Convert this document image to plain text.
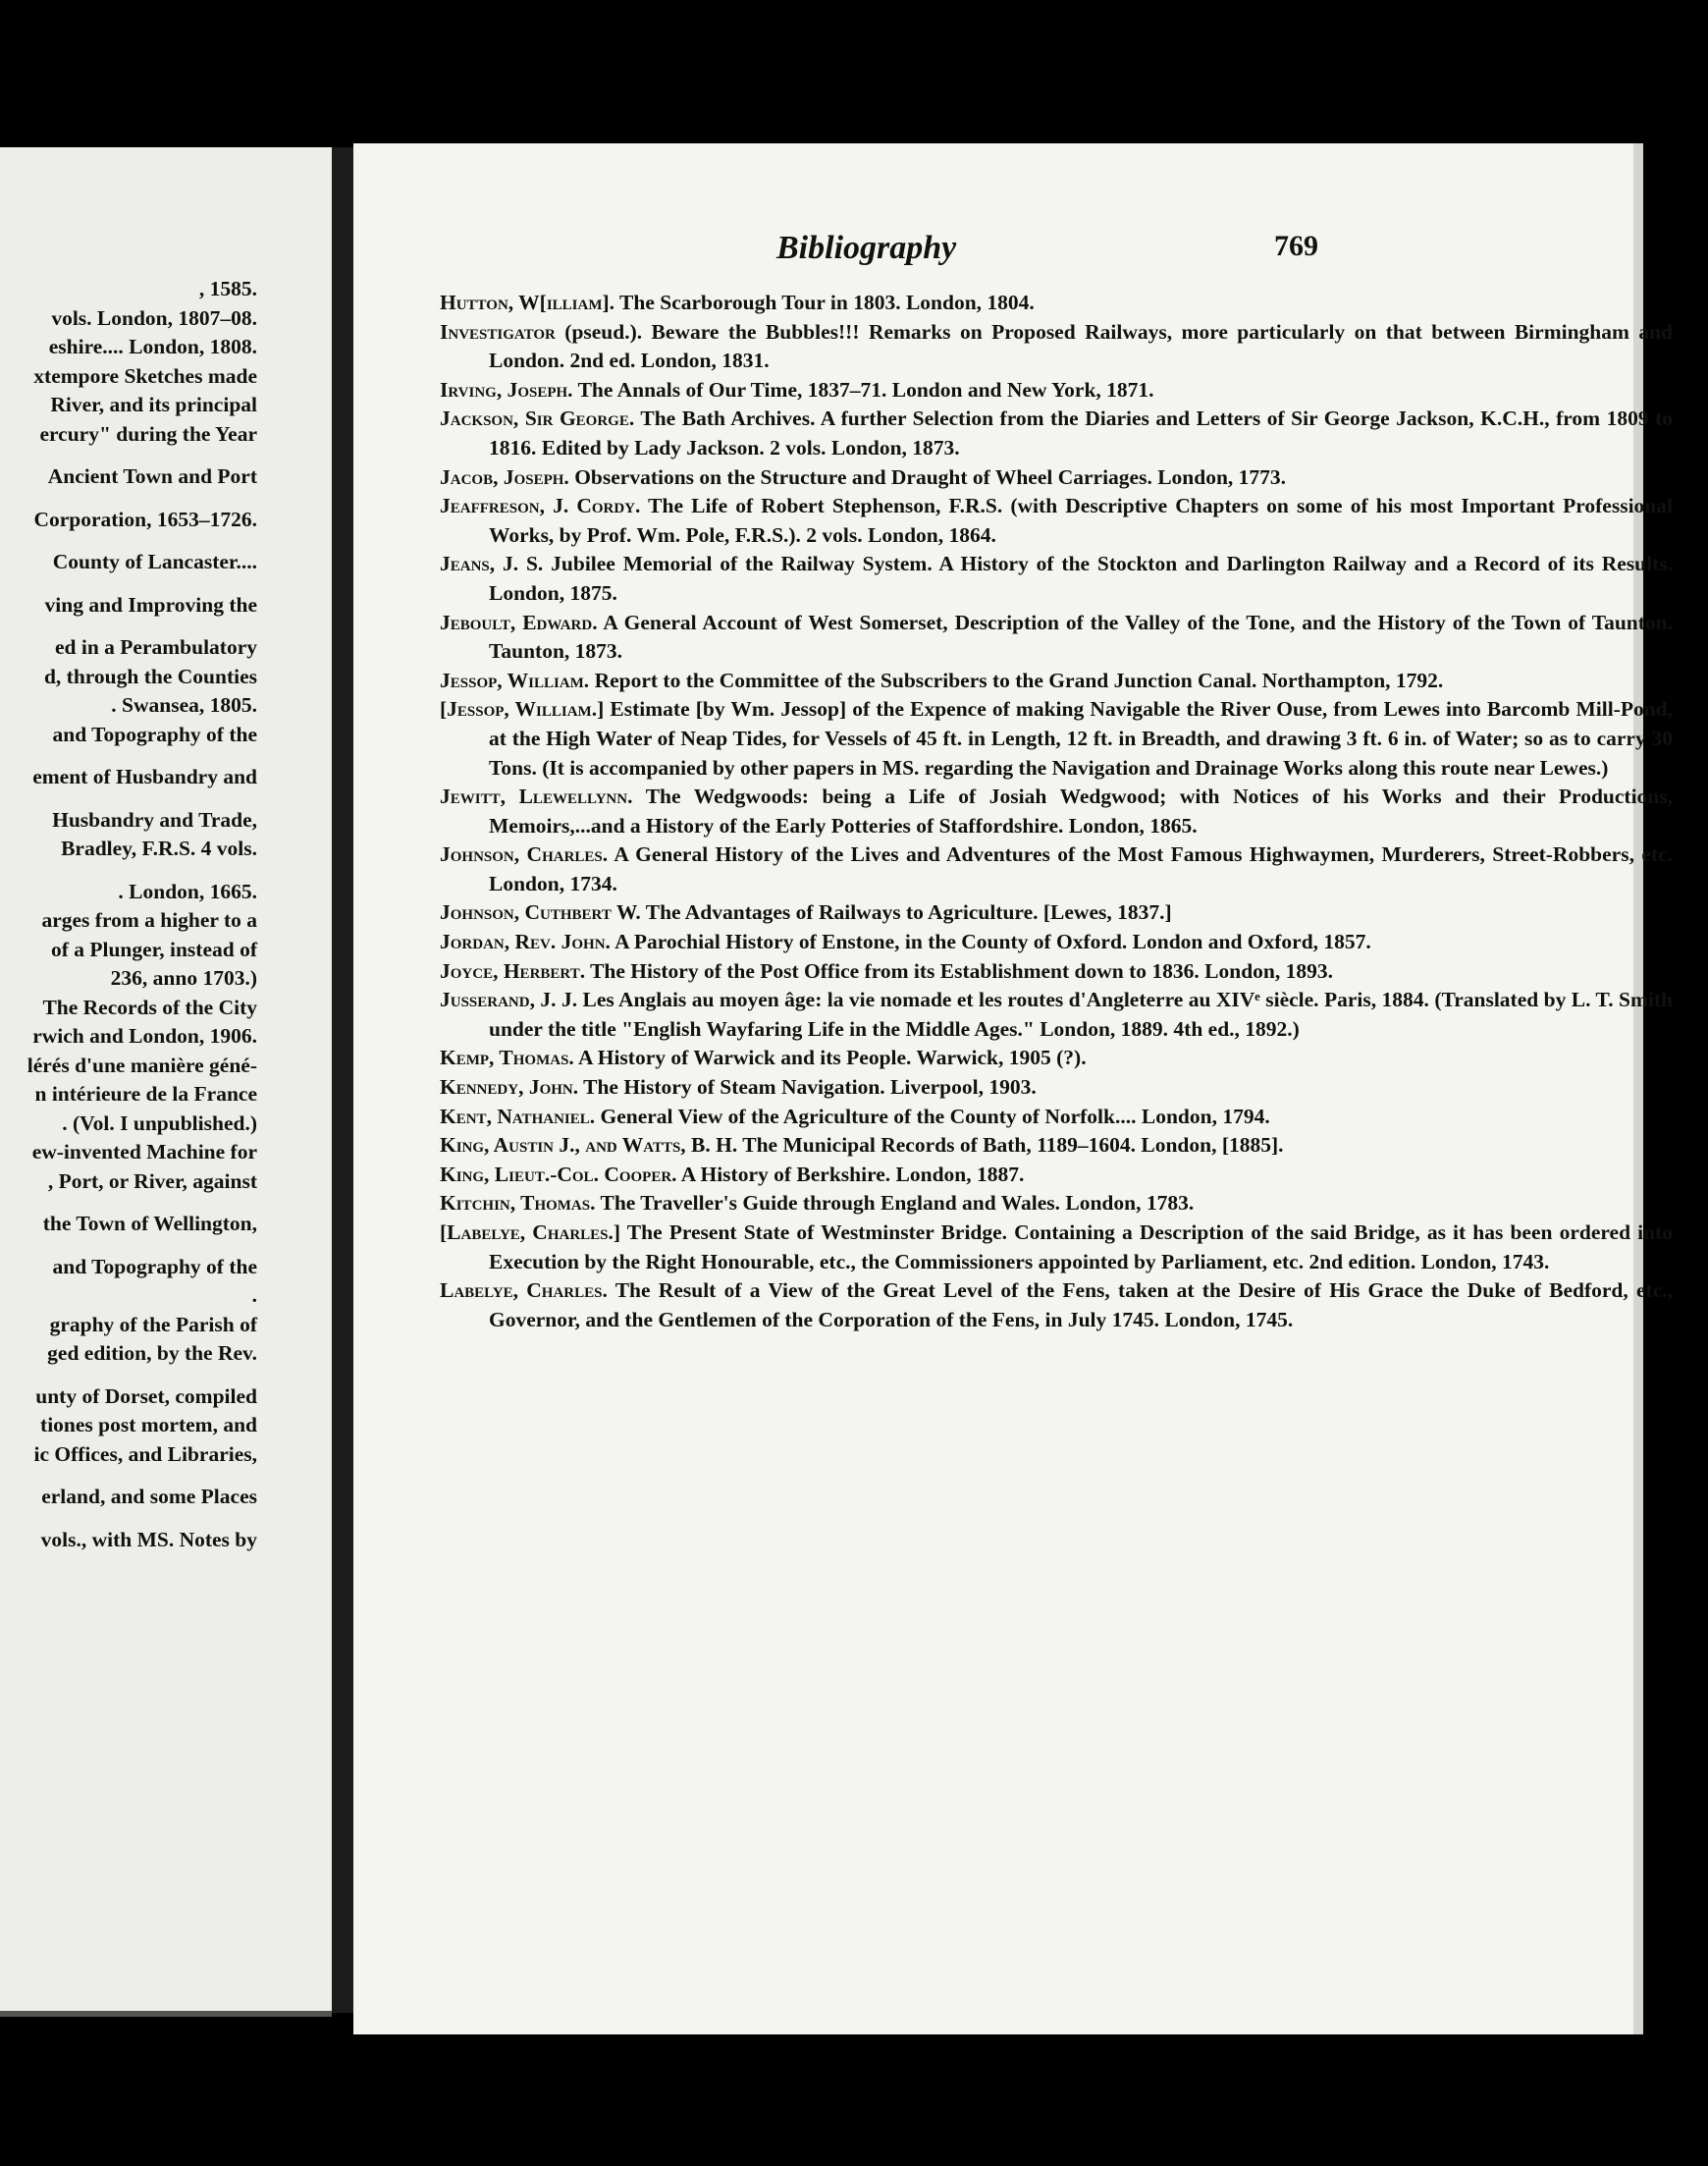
, 1585.
vols. London, 1807–08.
eshire.... London, 1808.
xtempore Sketches made
River, and its principal
ercury" during the Year
Ancient Town and Port
Corporation, 1653–1726.
County of Lancaster....
ving and Improving the
ed in a Perambulatory
d, through the Counties
. Swansea, 1805.
and Topography of the
ement of Husbandry and
Husbandry and Trade,
Bradley, F.R.S. 4 vols.
. London, 1665.
arges from a higher to a
of a Plunger, instead of
236, anno 1703.)
The Records of the City
rwich and London, 1906.
lérés d'une manière géné-
n intérieure de la France
. (Vol. I unpublished.)
ew-invented Machine for
, Port, or River, against
the Town of Wellington,
and Topography of the
.
graphy of the Parish of
ged edition, by the Rev.
unty of Dorset, compiled
tiones post mortem, and
ic Offices, and Libraries,
erland, and some Places
vols., with MS. Notes by
Bibliography	769
Hutton, W[illiam]. The Scarborough Tour in 1803. London, 1804.
Investigator (pseud.). Beware the Bubbles!!! Remarks on Proposed Railways, more particularly on that between Birmingham and London. 2nd ed. London, 1831.
Irving, Joseph. The Annals of Our Time, 1837–71. London and New York, 1871.
Jackson, Sir George. The Bath Archives. A further Selection from the Diaries and Letters of Sir George Jackson, K.C.H., from 1809 to 1816. Edited by Lady Jackson. 2 vols. London, 1873.
Jacob, Joseph. Observations on the Structure and Draught of Wheel Carriages. London, 1773.
Jeaffreson, J. Cordy. The Life of Robert Stephenson, F.R.S. (with Descriptive Chapters on some of his most Important Professional Works, by Prof. Wm. Pole, F.R.S.). 2 vols. London, 1864.
Jeans, J. S. Jubilee Memorial of the Railway System. A History of the Stockton and Darlington Railway and a Record of its Results. London, 1875.
Jeboult, Edward. A General Account of West Somerset, Description of the Valley of the Tone, and the History of the Town of Taunton. Taunton, 1873.
Jessop, William. Report to the Committee of the Subscribers to the Grand Junction Canal. Northampton, 1792.
[Jessop, William.] Estimate [by Wm. Jessop] of the Expence of making Navigable the River Ouse, from Lewes into Barcomb Mill-Pond, at the High Water of Neap Tides, for Vessels of 45 ft. in Length, 12 ft. in Breadth, and drawing 3 ft. 6 in. of Water; so as to carry 30 Tons. (It is accompanied by other papers in MS. regarding the Navigation and Drainage Works along this route near Lewes.)
Jewitt, Llewellynn. The Wedgwoods: being a Life of Josiah Wedgwood; with Notices of his Works and their Productions, Memoirs,...and a History of the Early Potteries of Staffordshire. London, 1865.
Johnson, Charles. A General History of the Lives and Adventures of the Most Famous Highwaymen, Murderers, Street-Robbers, etc. London, 1734.
Johnson, Cuthbert W. The Advantages of Railways to Agriculture. [Lewes, 1837.]
Jordan, Rev. John. A Parochial History of Enstone, in the County of Oxford. London and Oxford, 1857.
Joyce, Herbert. The History of the Post Office from its Establishment down to 1836. London, 1893.
Jusserand, J. J. Les Anglais au moyen âge: la vie nomade et les routes d'Angleterre au XIVᵉ siècle. Paris, 1884. (Translated by L. T. Smith under the title "English Wayfaring Life in the Middle Ages." London, 1889. 4th ed., 1892.)
Kemp, Thomas. A History of Warwick and its People. Warwick, 1905 (?).
Kennedy, John. The History of Steam Navigation. Liverpool, 1903.
Kent, Nathaniel. General View of the Agriculture of the County of Norfolk.... London, 1794.
King, Austin J., and Watts, B. H. The Municipal Records of Bath, 1189–1604. London, [1885].
King, Lieut.-Col. Cooper. A History of Berkshire. London, 1887.
Kitchin, Thomas. The Traveller's Guide through England and Wales. London, 1783.
[Labelye, Charles.] The Present State of Westminster Bridge. Containing a Description of the said Bridge, as it has been ordered into Execution by the Right Honourable, etc., the Commissioners appointed by Parliament, etc. 2nd edition. London, 1743.
Labelye, Charles. The Result of a View of the Great Level of the Fens, taken at the Desire of His Grace the Duke of Bedford, etc., Governor, and the Gentlemen of the Corporation of the Fens, in July 1745. London, 1745.
